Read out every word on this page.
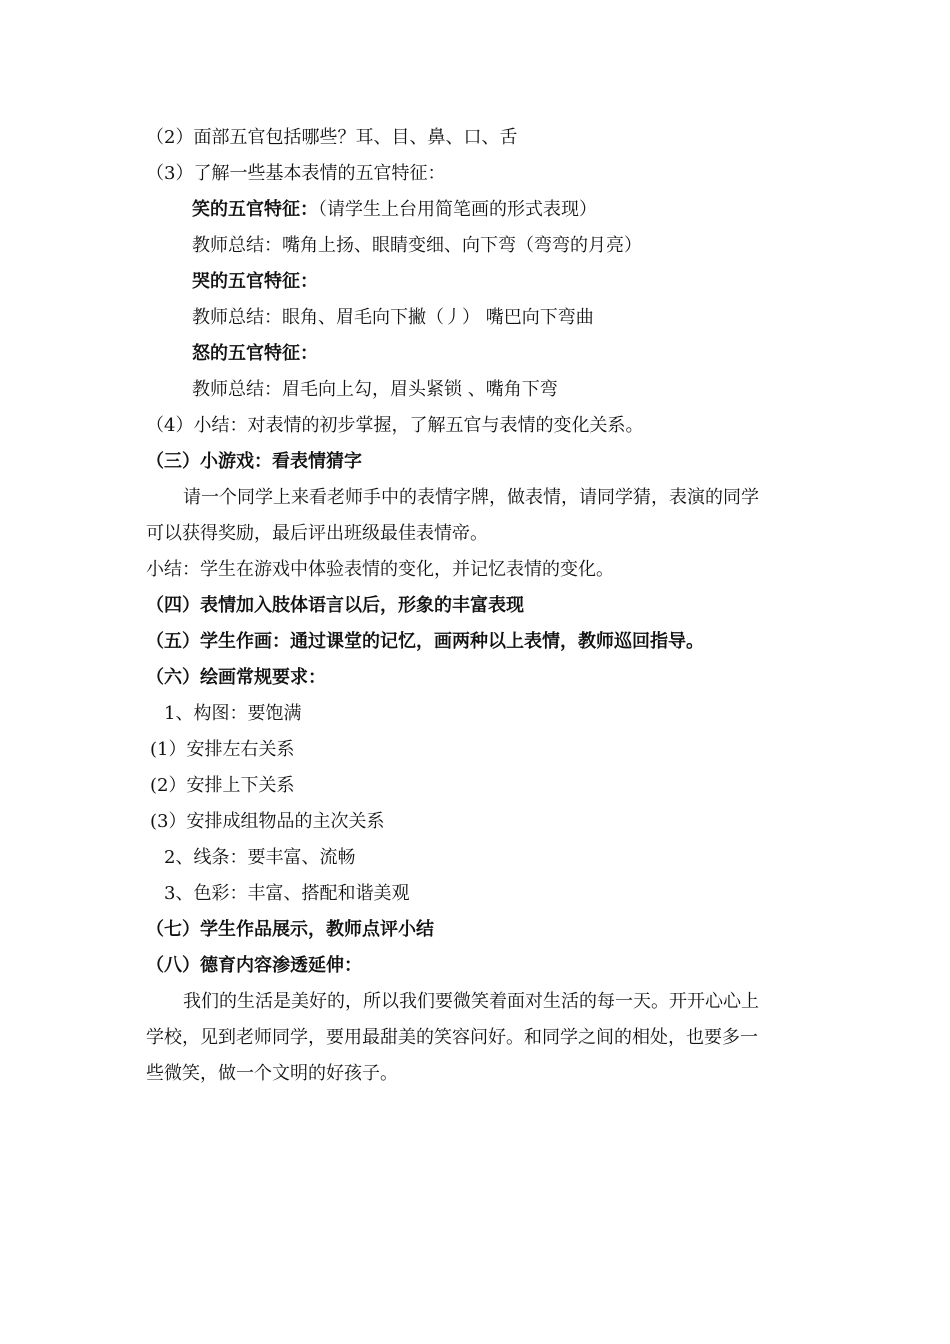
（2）面部五官包括哪些？耳、目、鼻、口、舌
（3）了解一些基本表情的五官特征：
笑的五官特征：（请学生上台用简笔画的形式表现）
教师总结：嘴角上扬、眼睛变细、向下弯（弯弯的月亮）
哭的五官特征：
教师总结：眼角、眉毛向下撇（丿） 嘴巴向下弯曲
怒的五官特征：
教师总结：眉毛向上勾，眉头紧锁 、嘴角下弯
（4）小结：对表情的初步掌握，了解五官与表情的变化关系。
（三）小游戏：看表情猜字
请一个同学上来看老师手中的表情字牌，做表情，请同学猜，表演的同学
可以获得奖励，最后评出班级最佳表情帝。
小结：学生在游戏中体验表情的变化，并记忆表情的变化。
（四）表情加入肢体语言以后，形象的丰富表现
（五）学生作画：通过课堂的记忆，画两种以上表情，教师巡回指导。
（六）绘画常规要求：
1、构图：要饱满
(1）安排左右关系
(2）安排上下关系
(3）安排成组物品的主次关系
2、线条：要丰富、流畅
3、色彩：丰富、搭配和谐美观
（七）学生作品展示，教师点评小结
（八）德育内容渗透延伸：
我们的生活是美好的，所以我们要微笑着面对生活的每一天。开开心心上
学校，见到老师同学，要用最甜美的笑容问好。和同学之间的相处，也要多一
些微笑，做一个文明的好孩子。
